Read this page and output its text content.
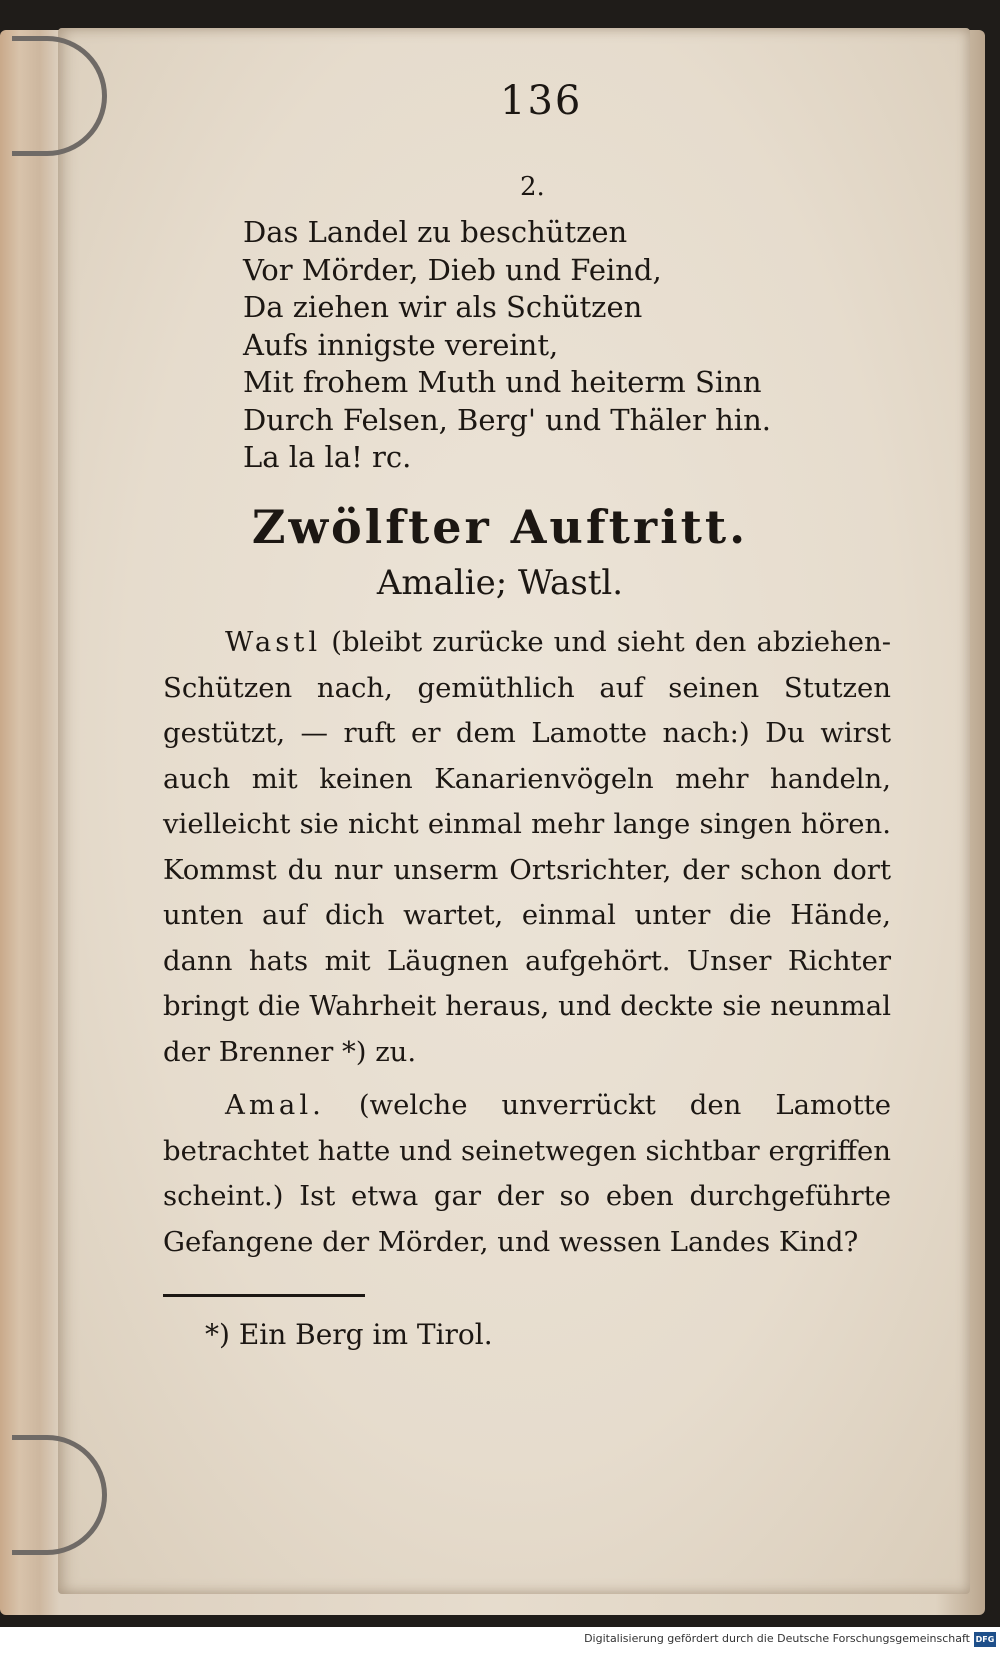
136
2.
Das Landel zu beschützen
Vor Mörder, Dieb und Feind,
Da ziehen wir als Schützen
Aufs innigste vereint,
Mit frohem Muth und heiterm Sinn
Durch Felsen, Berg' und Thäler hin.
La la la! rc.
Zwölfter Auftritt.
Amalie; Wastl.

Wastl (bleibt zurücke und sieht den abziehen-Schützen nach, gemüthlich auf seinen Stutzen gestützt, — ruft er dem Lamotte nach:) Du wirst auch mit keinen Kanarienvögeln mehr handeln, vielleicht sie nicht einmal mehr lange singen hören. Kommst du nur unserm Ortsrichter, der schon dort unten auf dich wartet, einmal unter die Hände, dann hats mit Läugnen aufgehört. Unser Richter bringt die Wahrheit heraus, und deckte sie neunmal der Brenner *) zu.

Amal. (welche unverrückt den Lamotte betrachtet hatte und seinetwegen sichtbar ergriffen scheint.) Ist etwa gar der so eben durchgeführte Gefangene der Mörder, und wessen Landes Kind?

*) Ein Berg im Tirol.
Digitalisierung gefördert durch die Deutsche Forschungsgemeinschaft DFG
